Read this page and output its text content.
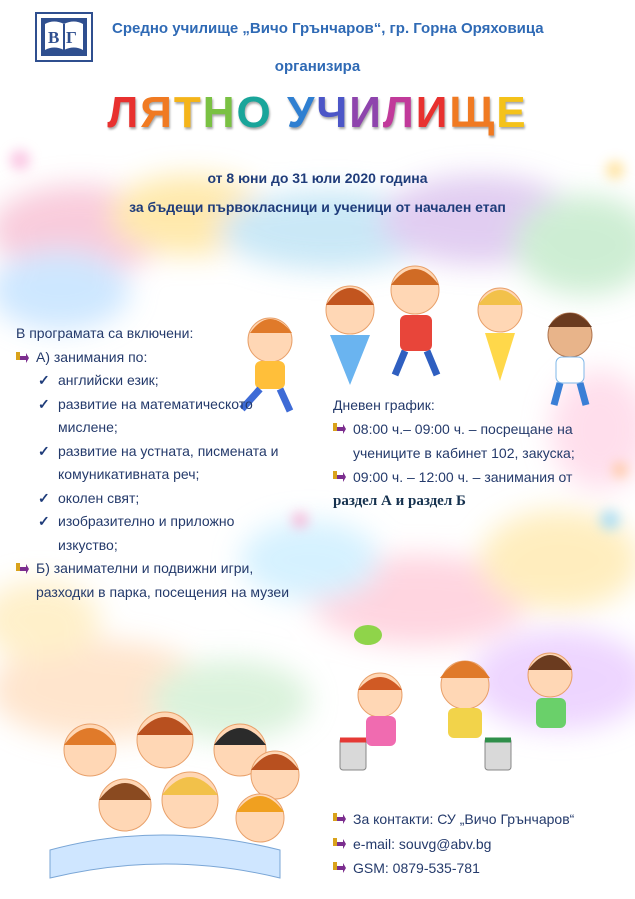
В Г Средно училище „Вичо Грънчаров“, гр. Горна Оряховица
организира
ЛЯТНО УЧИЛИЩЕ
от 8 юни до 31 юли 2020 година
за бъдещи първокласници и ученици от начален етап
В програмата са включени:
А) занимания по:
✓ английски език;
✓ развитие на математическото мислене;
✓ развитие на устната, писмената и комуникативната реч;
✓ околен свят;
✓ изобразително и приложно изкуство;
Б) занимателни и подвижни игри, разходки в парка, посещения на музеи
Дневен график:
08:00 ч.– 09:00 ч. – посрещане на учениците в кабинет 102, закуска;
09:00 ч. – 12:00 ч. – занимания от
раздел А и раздел Б
За контакти: СУ „Вичо Грънчаров“
e-mail: souvg@abv.bg
GSM: 0879-535-781
